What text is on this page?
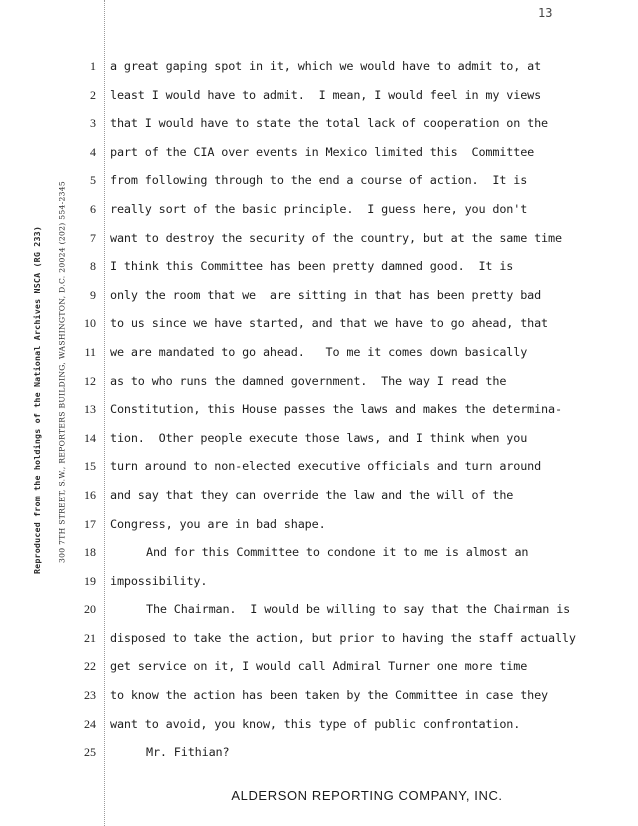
13
Reproduced from the holdings of the National Archives NSCA (RG 233) 300 7TH STREET, S.W., REPORTERS BUILDING, WASHINGTON, D.C. 20024 (202) 554-2345
1
2
3
4
5
6
7
8
9
10
11
12
13
14
15
16
17
18
19
20
21
22
23
24
25
a great gaping spot in it, which we would have to admit to, at
least I would have to admit.  I mean, I would feel in my views
that I would have to state the total lack of cooperation on the
part of the CIA over events in Mexico limited this  Committee
from following through to the end a course of action.  It is
really sort of the basic principle.  I guess here, you don't
want to destroy the security of the country, but at the same time
I think this Committee has been pretty damned good.  It is
only the room that we  are sitting in that has been pretty bad
to us since we have started, and that we have to go ahead, that
we are mandated to go ahead.   To me it comes down basically
as to who runs the damned government.  The way I read the
Constitution, this House passes the laws and makes the determina-
tion.  Other people execute those laws, and I think when you
turn around to non-elected executive officials and turn around
and say that they can override the law and the will of the
Congress, you are in bad shape.
And for this Committee to condone it to me is almost an
impossibility.
The Chairman.  I would be willing to say that the Chairman is
disposed to take the action, but prior to having the staff actually
get service on it, I would call Admiral Turner one more time
to know the action has been taken by the Committee in case they
want to avoid, you know, this type of public confrontation.
Mr. Fithian?
ALDERSON REPORTING COMPANY, INC.
